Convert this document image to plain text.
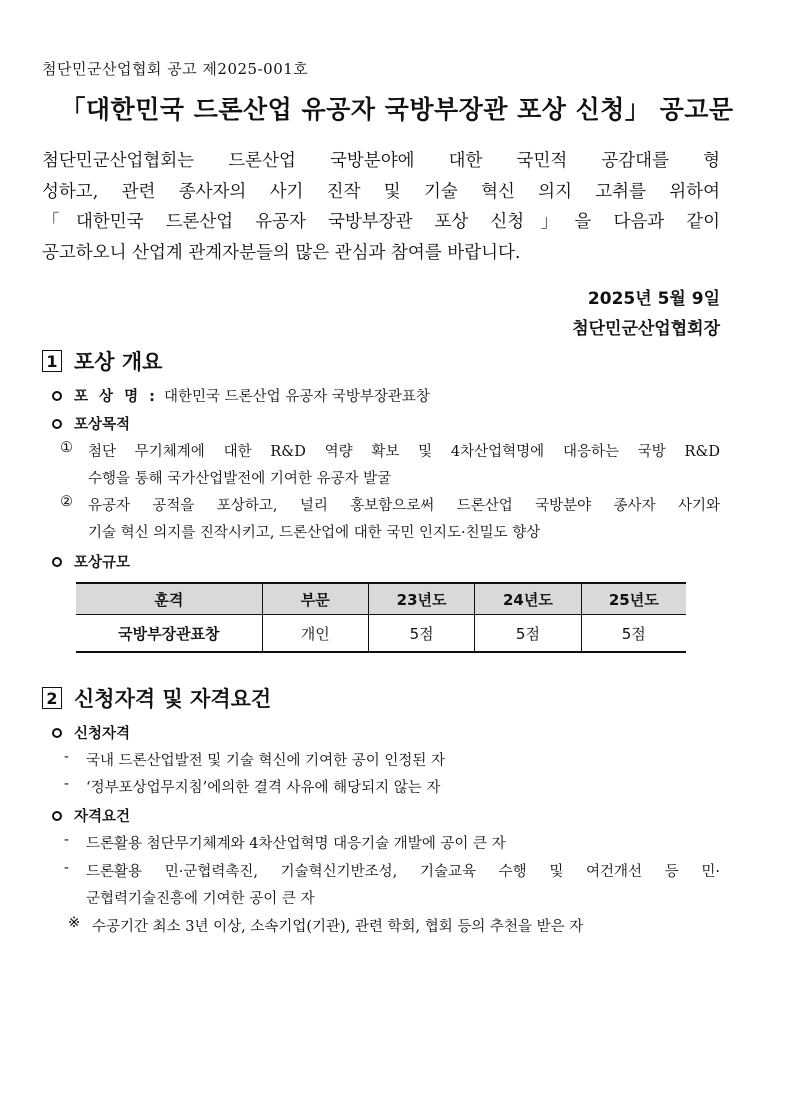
첨단민군산업협회 공고 제2025-001호
「대한민국 드론산업 유공자 국방부장관 포상 신청」 공고문
첨단민군산업협회는 드론산업 국방분야에 대한 국민적 공감대를 형
성하고, 관련 종사자의 사기 진작 및 기술 혁신 의지 고취를 위하여
「대한민국 드론산업 유공자 국방부장관 포상 신청」을 다음과 같이
공고하오니 산업계 관계자분들의 많은 관심과 참여를 바랍니다.
2025년 5월 9일
첨단민군산업협회장
1 포상 개요
포 상 명 : 대한민국 드론산업 유공자 국방부장관표창
포상목적
① 첨단 무기체계에 대한 R&D 역량 확보 및 4차산업혁명에 대응하는 국방 R&D
수행을 통해 국가산업발전에 기여한 유공자 발굴
② 유공자 공적을 포상하고, 널리 홍보함으로써 드론산업 국방분야 종사자 사기와
기술 혁신 의지를 진작시키고, 드론산업에 대한 국민 인지도·친밀도 향상
포상규모
훈격	부문	23년도	24년도	25년도
국방부장관표창	개인	5점	5점	5점
2 신청자격 및 자격요건
신청자격
- 국내 드론산업발전 및 기술 혁신에 기여한 공이 인정된 자
- ‘정부포상업무지침’에의한 결격 사유에 해당되지 않는 자
자격요건
- 드론활용 첨단무기체계와 4차산업혁명 대응기술 개발에 공이 큰 자
- 드론활용 민·군협력촉진, 기술혁신기반조성, 기술교육 수행 및 여건개선 등 민·
군협력기술진흥에 기여한 공이 큰 자
※ 수공기간 최소 3년 이상, 소속기업(기관), 관련 학회, 협회 등의 추천을 받은 자
